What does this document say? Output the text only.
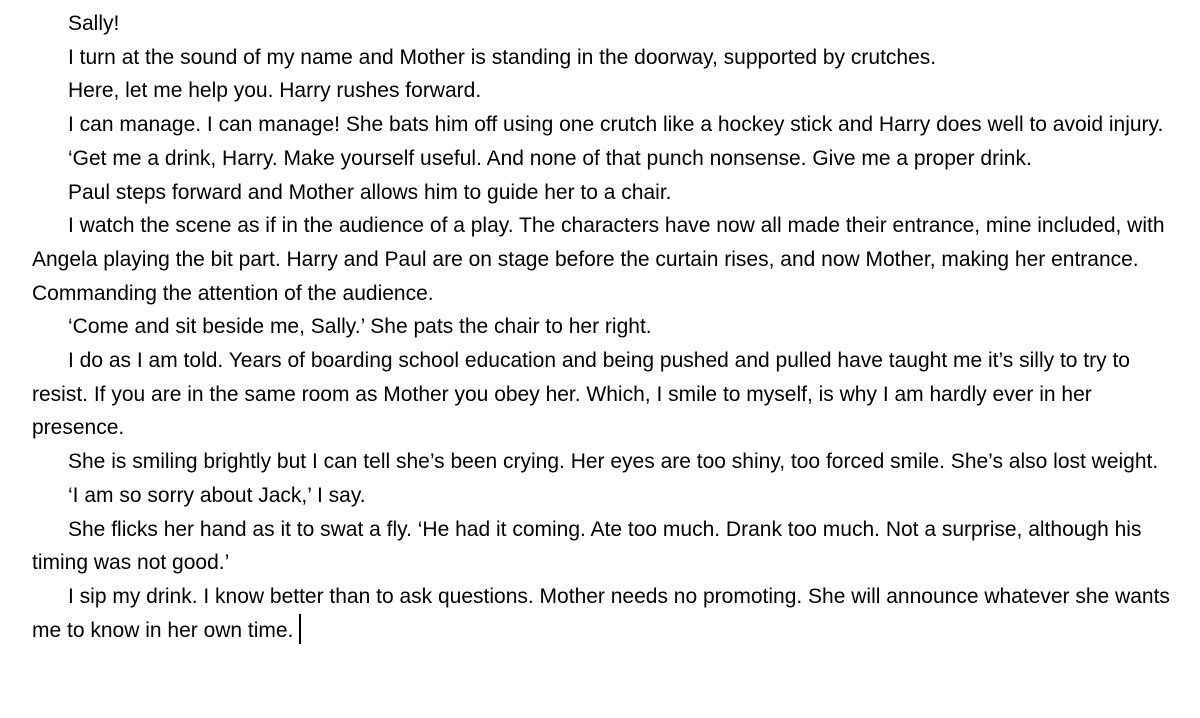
Sally!

I turn at the sound of my name and Mother is standing in the doorway, supported by crutches.

Here, let me help you. Harry rushes forward.

I can manage. I can manage! She bats him off using one crutch like a hockey stick and Harry does well to avoid injury.

‘Get me a drink, Harry. Make yourself useful. And none of that punch nonsense. Give me a proper drink.

Paul steps forward and Mother allows him to guide her to a chair.

I watch the scene as if in the audience of a play. The characters have now all made their entrance, mine included, with Angela playing the bit part. Harry and Paul are on stage before the curtain rises, and now Mother, making her entrance. Commanding the attention of the audience.

‘Come and sit beside me, Sally.’ She pats the chair to her right.

I do as I am told. Years of boarding school education and being pushed and pulled have taught me it’s silly to try to resist. If you are in the same room as Mother you obey her. Which, I smile to myself, is why I am hardly ever in her presence.

She is smiling brightly but I can tell she’s been crying. Her eyes are too shiny, too forced smile. She’s also lost weight.

‘I am so sorry about Jack,’ I say.

She flicks her hand as it to swat a fly. ‘He had it coming. Ate too much. Drank too much. Not a surprise, although his timing was not good.’

I sip my drink. I know better than to ask questions. Mother needs no promoting. She will announce whatever she wants me to know in her own time.
